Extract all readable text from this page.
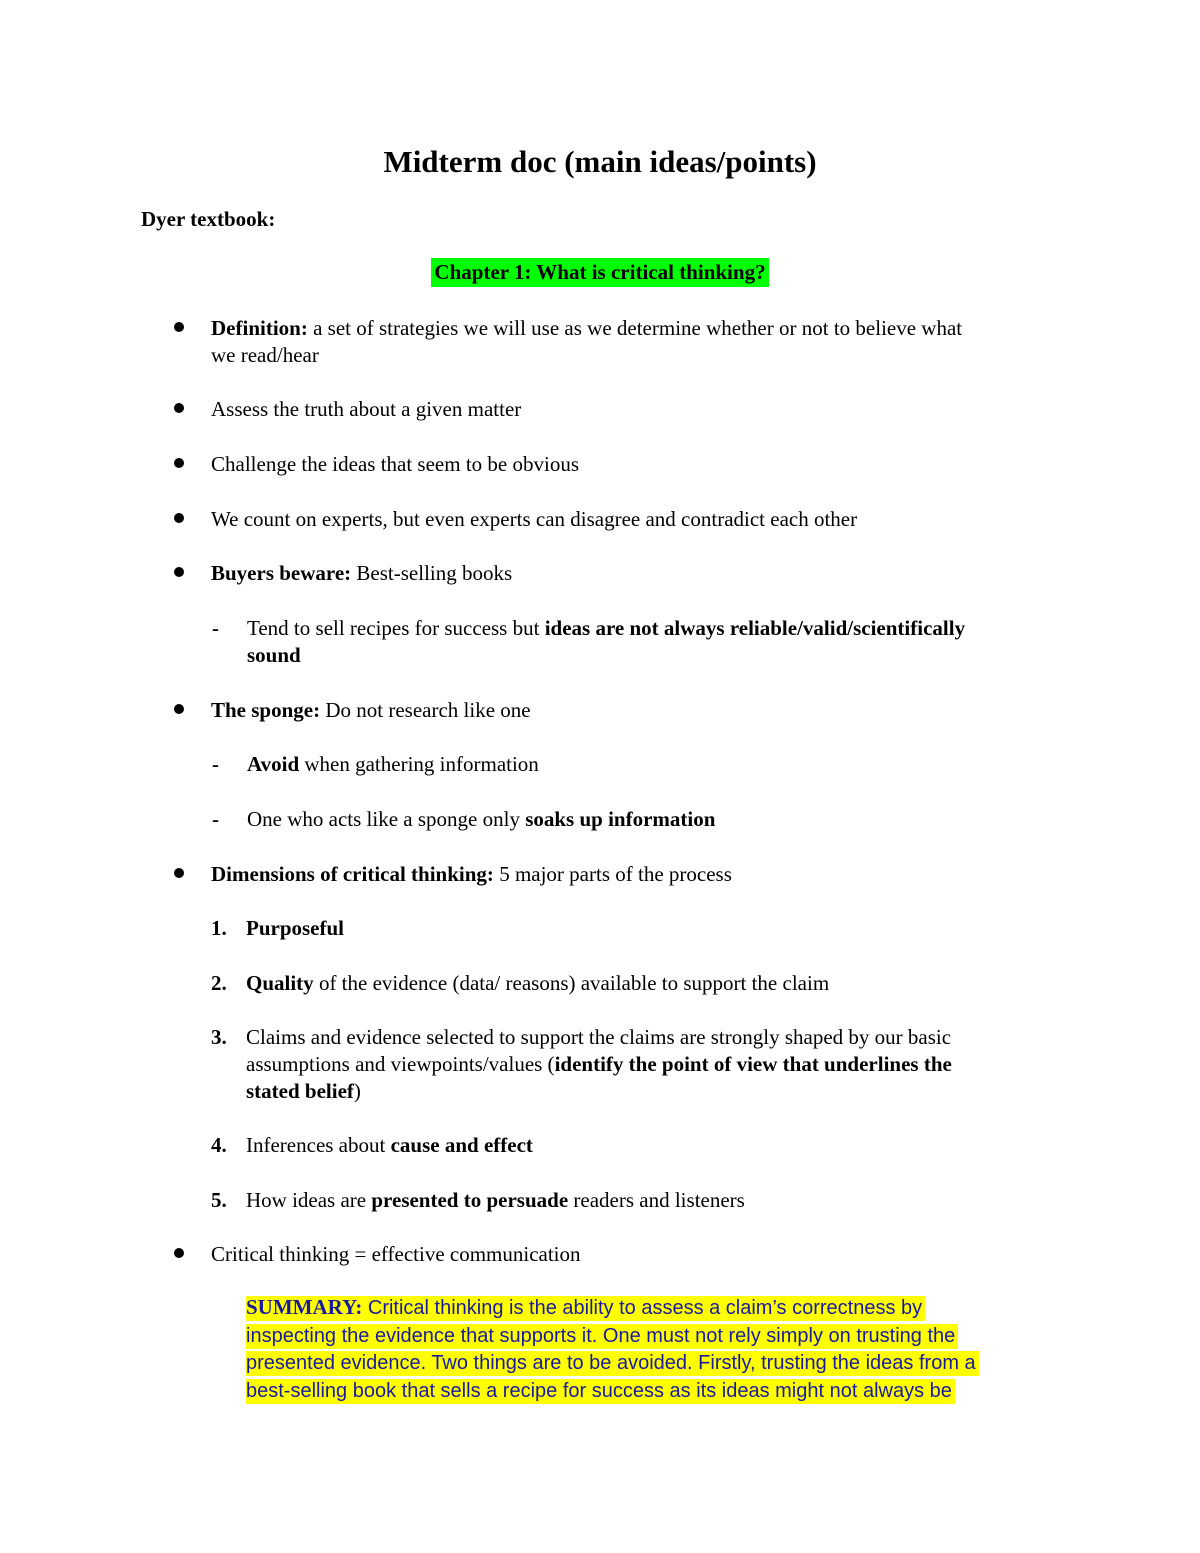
Midterm doc (main ideas/points)
Dyer textbook:
Chapter 1: What is critical thinking?
Definition: a set of strategies we will use as we determine whether or not to believe what
we read/hear
Assess the truth about a given matter
Challenge the ideas that seem to be obvious
We count on experts, but even experts can disagree and contradict each other
Buyers beware: Best-selling books
- Tend to sell recipes for success but ideas are not always reliable/valid/scientifically
sound
The sponge: Do not research like one
- Avoid when gathering information
- One who acts like a sponge only soaks up information
Dimensions of critical thinking: 5 major parts of the process
1. Purposeful
2. Quality of the evidence (data/ reasons) available to support the claim
3. Claims and evidence selected to support the claims are strongly shaped by our basic
assumptions and viewpoints/values (identify the point of view that underlines the
stated belief)
4. Inferences about cause and effect
5. How ideas are presented to persuade readers and listeners
Critical thinking = effective communication
SUMMARY: Critical thinking is the ability to assess a claim’s correctness by
inspecting the evidence that supports it. One must not rely simply on trusting the
presented evidence. Two things are to be avoided. Firstly, trusting the ideas from a
best-selling book that sells a recipe for success as its ideas might not always be
